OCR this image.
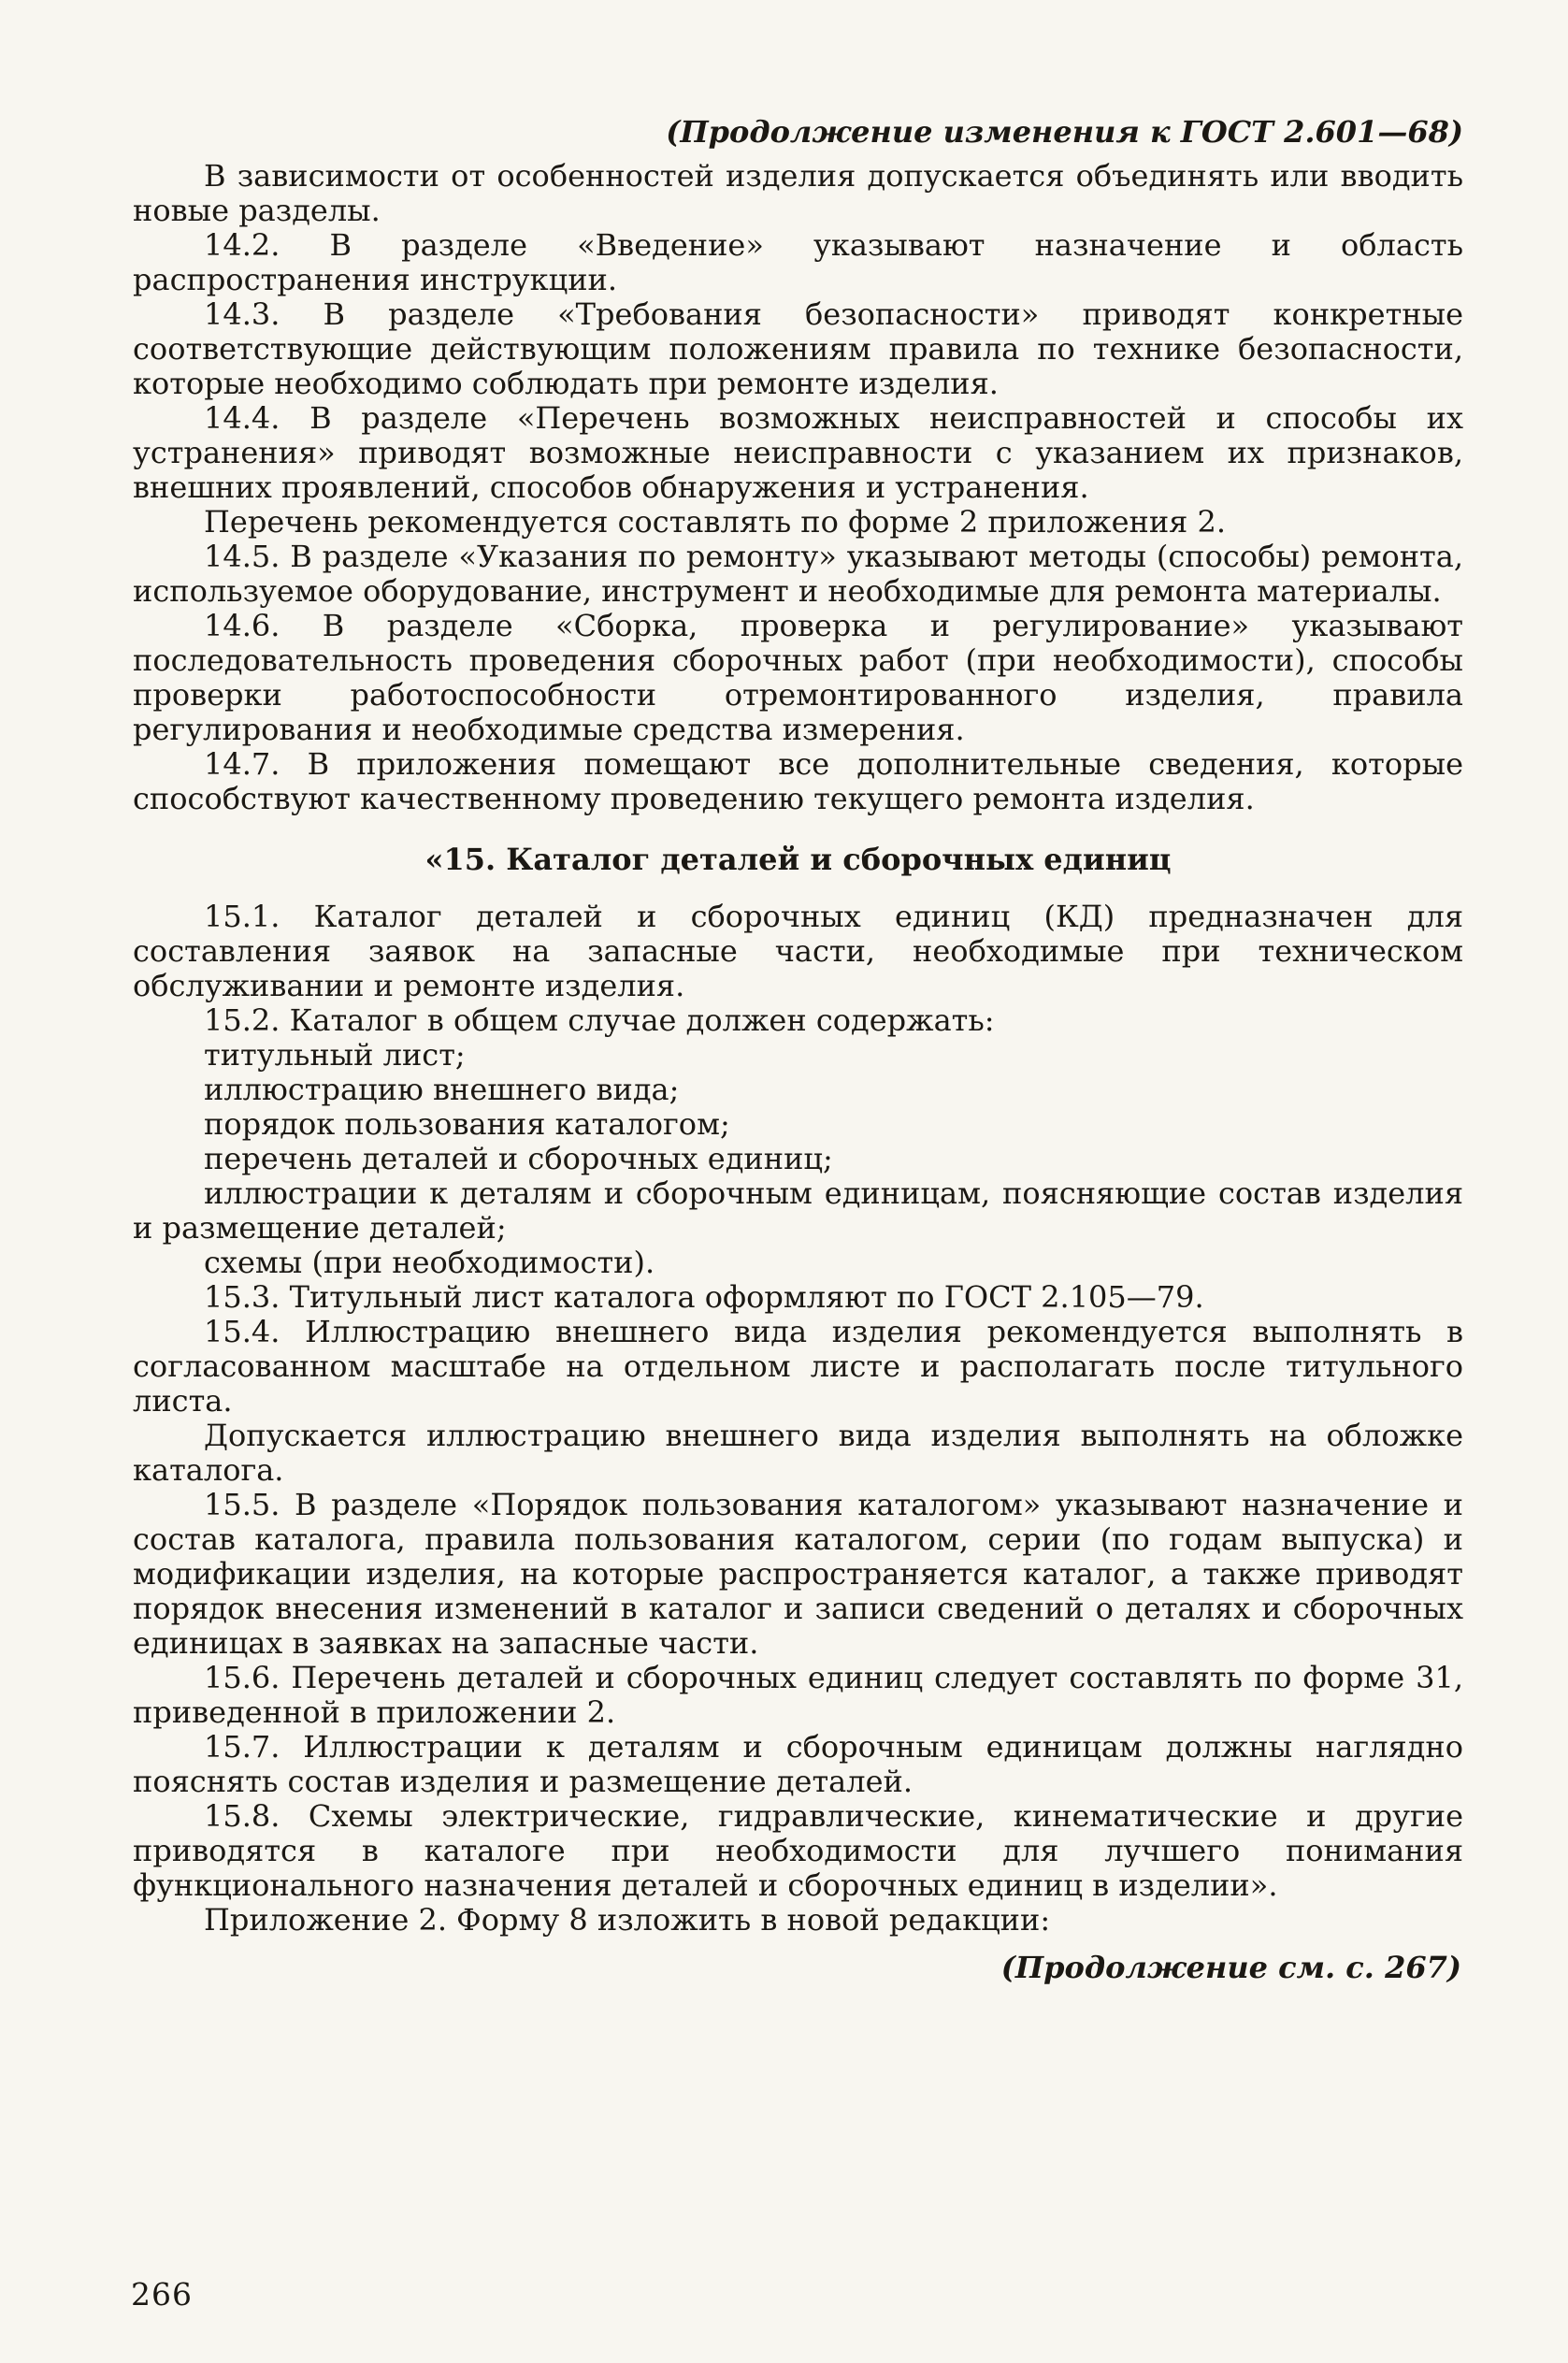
(Продолжение изменения к ГОСТ 2.601—68)

В зависимости от особенностей изделия допускается объединять или вводить новые разделы.

14.2. В разделе «Введение» указывают назначение и область распространения инструкции.

14.3. В разделе «Требования безопасности» приводят конкретные соответствующие действующим положениям правила по технике безопасности, которые необходимо соблюдать при ремонте изделия.

14.4. В разделе «Перечень возможных неисправностей и способы их устранения» приводят возможные неисправности с указанием их признаков, внешних проявлений, способов обнаружения и устранения.

Перечень рекомендуется составлять по форме 2 приложения 2.

14.5. В разделе «Указания по ремонту» указывают методы (способы) ремонта, используемое оборудование, инструмент и необходимые для ремонта материалы.

14.6. В разделе «Сборка, проверка и регулирование» указывают последовательность проведения сборочных работ (при необходимости), способы проверки работоспособности отремонтированного изделия, правила регулирования и необходимые средства измерения.

14.7. В приложения помещают все дополнительные сведения, которые способствуют качественному проведению текущего ремонта изделия.

«15. Каталог деталей и сборочных единиц

15.1. Каталог деталей и сборочных единиц (КД) предназначен для составления заявок на запасные части, необходимые при техническом обслуживании и ремонте изделия.

15.2. Каталог в общем случае должен содержать:

титульный лист;

иллюстрацию внешнего вида;

порядок пользования каталогом;

перечень деталей и сборочных единиц;

иллюстрации к деталям и сборочным единицам, поясняющие состав изделия и размещение деталей;

схемы (при необходимости).

15.3. Титульный лист каталога оформляют по ГОСТ 2.105—79.

15.4. Иллюстрацию внешнего вида изделия рекомендуется выполнять в согласованном масштабе на отдельном листе и располагать после титульного листа.

Допускается иллюстрацию внешнего вида изделия выполнять на обложке каталога.

15.5. В разделе «Порядок пользования каталогом» указывают назначение и состав каталога, правила пользования каталогом, серии (по годам выпуска) и модификации изделия, на которые распространяется каталог, а также приводят порядок внесения изменений в каталог и записи сведений о деталях и сборочных единицах в заявках на запасные части.

15.6. Перечень деталей и сборочных единиц следует составлять по форме 31, приведенной в приложении 2.

15.7. Иллюстрации к деталям и сборочным единицам должны наглядно пояснять состав изделия и размещение деталей.

15.8. Схемы электрические, гидравлические, кинематические и другие приводятся в каталоге при необходимости для лучшего понимания функционального назначения деталей и сборочных единиц в изделии».

Приложение 2. Форму 8 изложить в новой редакции:

(Продолжение см. с. 267)

266
